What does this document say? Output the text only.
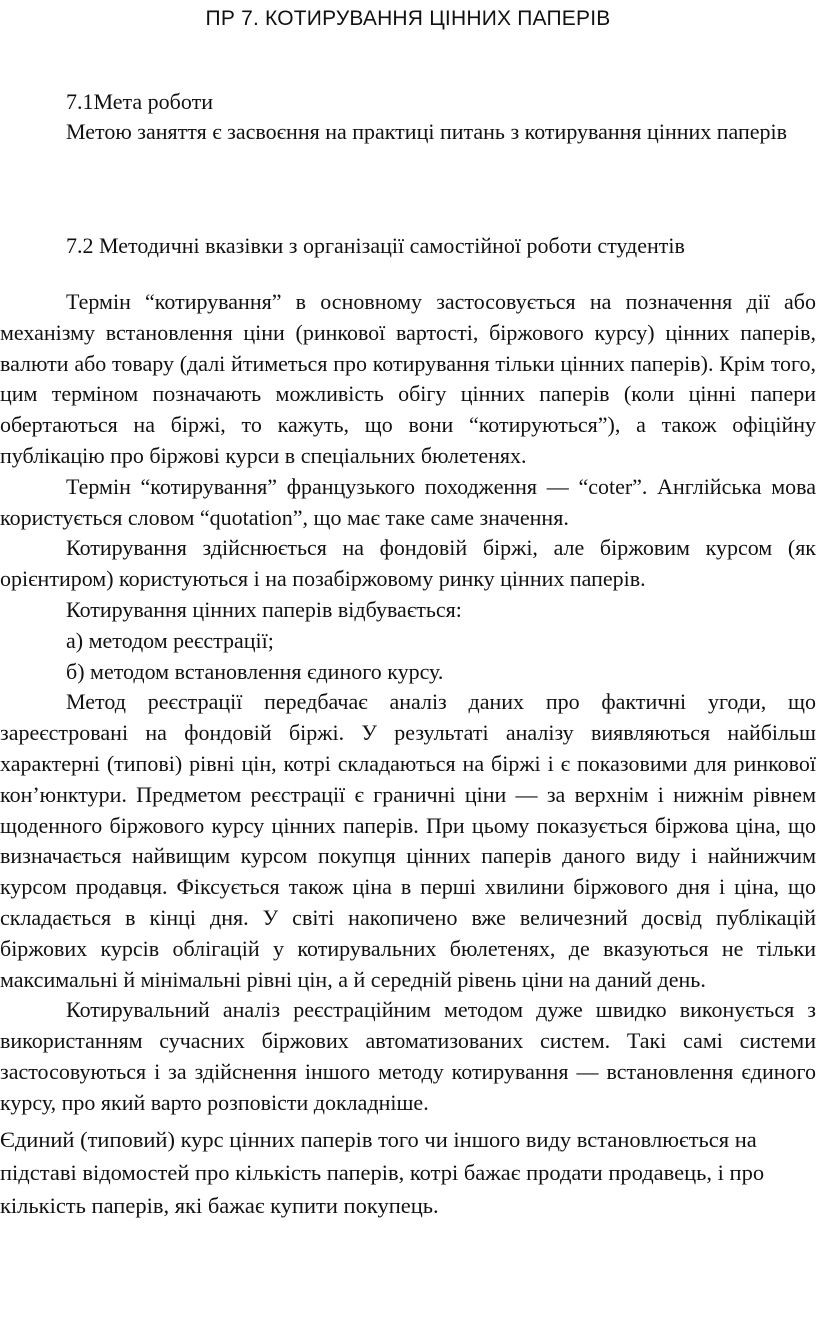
ПР 7. КОТИРУВАННЯ ЦІННИХ ПАПЕРІВ

7.1Мета роботи

Метою заняття є засвоєння на практиці питань з котирування цінних паперів

7.2 Методичні вказівки з організації самостійної роботи студентів

Термін “котирування” в основному застосовується на позначення дії або механізму встановлення ціни (ринкової вартості, біржового курсу) цінних паперів, валюти або товару (далі йтиметься про котирування тільки цінних паперів). Крім того, цим терміном позначають можливість обігу цінних паперів (коли цінні папери обертаються на біржі, то кажуть, що вони “котируються”), а також офіційну публікацію про біржові курси в спеціальних бюлетенях.

Термін “котирування” французького походження — “coter”. Англійська мова користується словом “quotation”, що має таке саме значення.

Котирування здійснюється на фондовій біржі, але біржовим курсом (як орієнтиром) користуються і на позабіржовому ринку цінних паперів.

Котирування цінних паперів відбувається:

а) методом реєстрації;

б) методом встановлення єдиного курсу.

Метод реєстрації передбачає аналіз даних про фактичні угоди, що зареєстровані на фондовій біржі. У результаті аналізу виявляються найбільш характерні (типові) рівні цін, котрі складаються на біржі і є показовими для ринкової кон’юнктури. Предметом реєстрації є граничні ціни — за верхнім і нижнім рівнем щоденного біржового курсу цінних паперів. При цьому показується біржова ціна, що визначається найвищим курсом покупця цінних паперів даного виду і найнижчим курсом продавця. Фіксується також ціна в перші хвилини біржового дня і ціна, що складається в кінці дня. У світі накопичено вже величезний досвід публікацій біржових курсів облігацій у котирувальних бюлетенях, де вказуються не тільки максимальні й мінімальні рівні цін, а й середній рівень ціни на даний день.

Котирувальний аналіз реєстраційним методом дуже швидко виконується з використанням сучасних біржових автоматизованих систем. Такі самі системи застосовуються і за здійснення іншого методу котирування — встановлення єдиного курсу, про який варто розповісти докладніше.

Єдиний (типовий) курс цінних паперів того чи іншого виду встановлюється на підставі відомостей про кількість паперів, котрі бажає продати продавець, і про кількість паперів, які бажає купити покупець.
